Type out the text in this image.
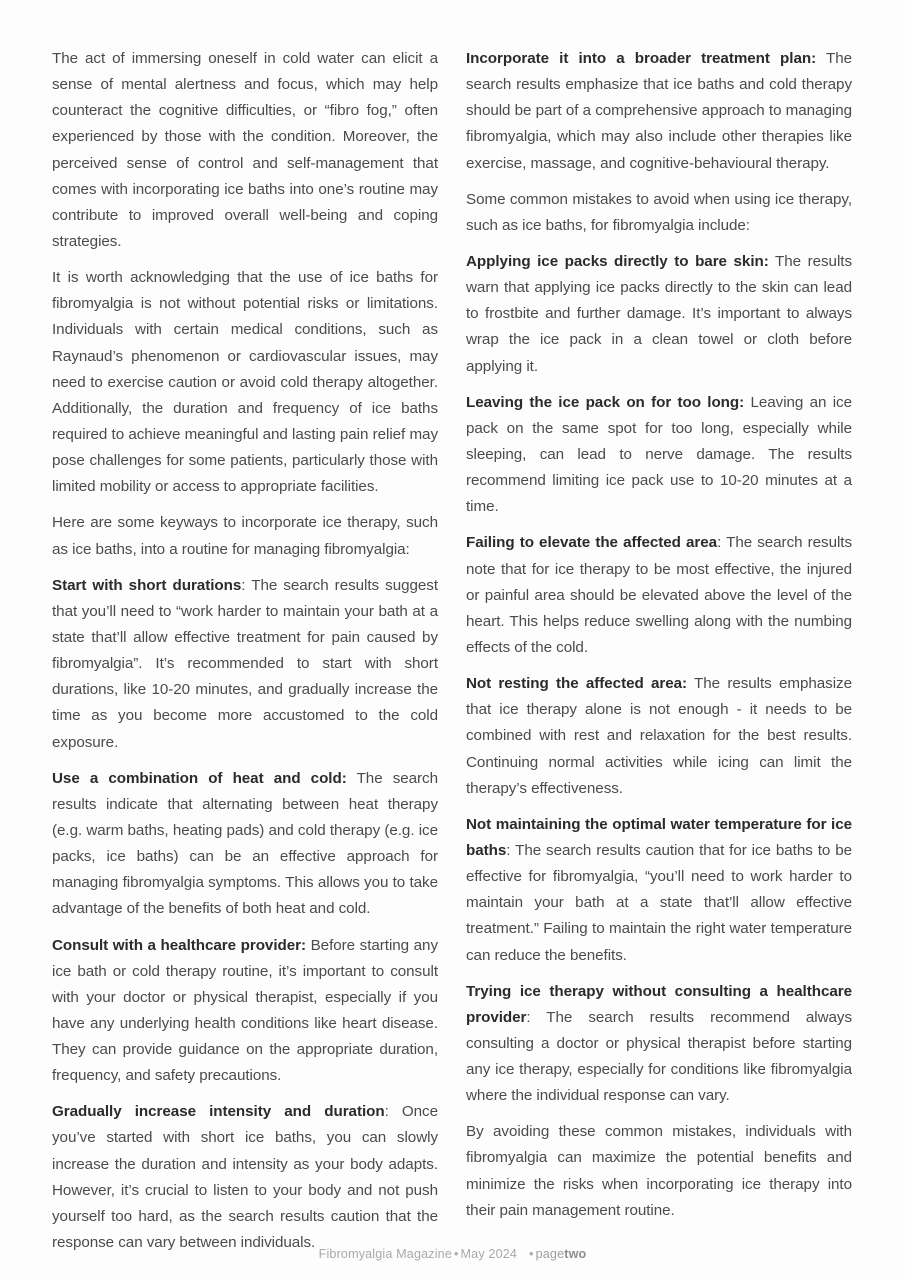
The act of immersing oneself in cold water can elicit a sense of mental alertness and focus, which may help counteract the cognitive difficulties, or “fibro fog,” often experienced by those with the condition. Moreover, the perceived sense of control and self-management that comes with incorporating ice baths into one’s routine may contribute to improved overall well-being and coping strategies.

It is worth acknowledging that the use of ice baths for fibromyalgia is not without potential risks or limitations. Individuals with certain medical conditions, such as Raynaud’s phenomenon or cardiovascular issues, may need to exercise caution or avoid cold therapy altogether. Additionally, the duration and frequency of ice baths required to achieve meaningful and lasting pain relief may pose challenges for some patients, particularly those with limited mobility or access to appropriate facilities.

Here are some keyways to incorporate ice therapy, such as ice baths, into a routine for managing fibromyalgia:

Start with short durations: The search results suggest that you’ll need to “work harder to maintain your bath at a state that’ll allow effective treatment for pain caused by fibromyalgia”. It’s recommended to start with short durations, like 10-20 minutes, and gradually increase the time as you become more accustomed to the cold exposure.

Use a combination of heat and cold: The search results indicate that alternating between heat therapy (e.g. warm baths, heating pads) and cold therapy (e.g. ice packs, ice baths) can be an effective approach for managing fibromyalgia symptoms. This allows you to take advantage of the benefits of both heat and cold.

Consult with a healthcare provider: Before starting any ice bath or cold therapy routine, it’s important to consult with your doctor or physical therapist, especially if you have any underlying health conditions like heart disease. They can provide guidance on the appropriate duration, frequency, and safety precautions.

Gradually increase intensity and duration: Once you’ve started with short ice baths, you can slowly increase the duration and intensity as your body adapts. However, it’s crucial to listen to your body and not push yourself too hard, as the search results caution that the response can vary between individuals.

Incorporate it into a broader treatment plan: The search results emphasize that ice baths and cold therapy should be part of a comprehensive approach to managing fibromyalgia, which may also include other therapies like exercise, massage, and cognitive-behavioural therapy.

Some common mistakes to avoid when using ice therapy, such as ice baths, for fibromyalgia include:

Applying ice packs directly to bare skin: The results warn that applying ice packs directly to the skin can lead to frostbite and further damage. It’s important to always wrap the ice pack in a clean towel or cloth before applying it.

Leaving the ice pack on for too long: Leaving an ice pack on the same spot for too long, especially while sleeping, can lead to nerve damage. The results recommend limiting ice pack use to 10-20 minutes at a time.

Failing to elevate the affected area: The search results note that for ice therapy to be most effective, the injured or painful area should be elevated above the level of the heart. This helps reduce swelling along with the numbing effects of the cold.

Not resting the affected area: The results emphasize that ice therapy alone is not enough - it needs to be combined with rest and relaxation for the best results. Continuing normal activities while icing can limit the therapy’s effectiveness.

Not maintaining the optimal water temperature for ice baths: The search results caution that for ice baths to be effective for fibromyalgia, “you’ll need to work harder to maintain your bath at a state that’ll allow effective treatment.” Failing to maintain the right water temperature can reduce the benefits.

Trying ice therapy without consulting a healthcare provider: The search results recommend always consulting a doctor or physical therapist before starting any ice therapy, especially for conditions like fibromyalgia where the individual response can vary.

By avoiding these common mistakes, individuals with fibromyalgia can maximize the potential benefits and minimize the risks when incorporating ice therapy into their pain management routine.

Fibromyalgia Magazine • May 2024 • pagetwo
